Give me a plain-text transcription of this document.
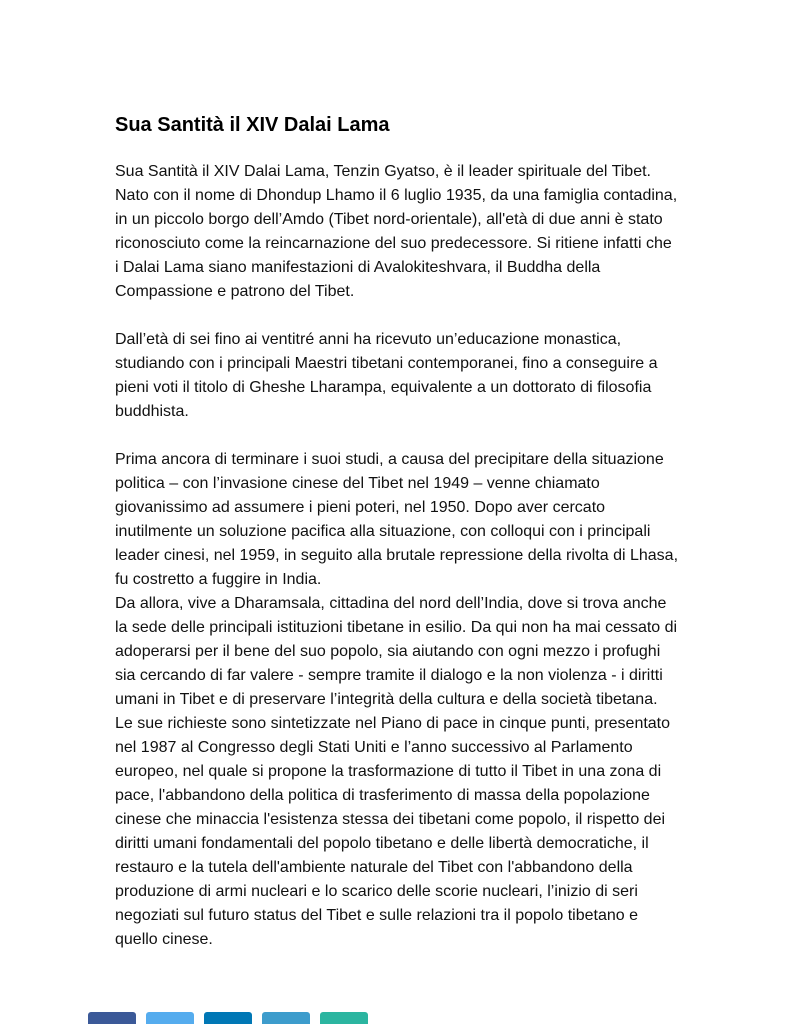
Sua Santità il XIV Dalai Lama

Sua Santità il XIV Dalai Lama, Tenzin Gyatso, è il leader spirituale del Tibet. Nato con il nome di Dhondup Lhamo il 6 luglio 1935, da una famiglia contadina, in un piccolo borgo dell’Amdo (Tibet nord-orientale), all'età di due anni è stato riconosciuto come la reincarnazione del suo predecessore. Si ritiene infatti che i Dalai Lama siano manifestazioni di Avalokiteshvara, il Buddha della Compassione e patrono del Tibet.

Dall’età di sei fino ai ventitré anni ha ricevuto un’educazione monastica, studiando con i principali Maestri tibetani contemporanei, fino a conseguire a pieni voti il titolo di Gheshe Lharampa, equivalente a un dottorato di filosofia buddhista.

Prima ancora di terminare i suoi studi, a causa del precipitare della situazione politica – con l’invasione cinese del Tibet nel 1949 – venne chiamato giovanissimo ad assumere i pieni poteri, nel 1950. Dopo aver cercato inutilmente un soluzione pacifica alla situazione, con colloqui con i principali leader cinesi, nel 1959, in seguito alla brutale repressione della rivolta di Lhasa, fu costretto a fuggire in India.

Da allora, vive a Dharamsala, cittadina del nord dell’India, dove si trova anche la sede delle principali istituzioni tibetane in esilio. Da qui non ha mai cessato di adoperarsi per il bene del suo popolo, sia aiutando con ogni mezzo i profughi sia cercando di far valere - sempre tramite il dialogo e la non violenza - i diritti umani in Tibet e di preservare l’integrità della cultura e della società tibetana. Le sue richieste sono sintetizzate nel Piano di pace in cinque punti, presentato nel 1987 al Congresso degli Stati Uniti e l’anno successivo al Parlamento europeo, nel quale si propone la trasformazione di tutto il Tibet in una zona di pace, l'abbandono della politica di trasferimento di massa della popolazione cinese che minaccia l'esistenza stessa dei tibetani come popolo, il rispetto dei diritti umani fondamentali del popolo tibetano e delle libertà democratiche, il restauro e la tutela dell'ambiente naturale del Tibet con l'abbandono della produzione di armi nucleari e lo scarico delle scorie nucleari, l’inizio di seri negoziati sul futuro status del Tibet e sulle relazioni tra il popolo tibetano e quello cinese.
